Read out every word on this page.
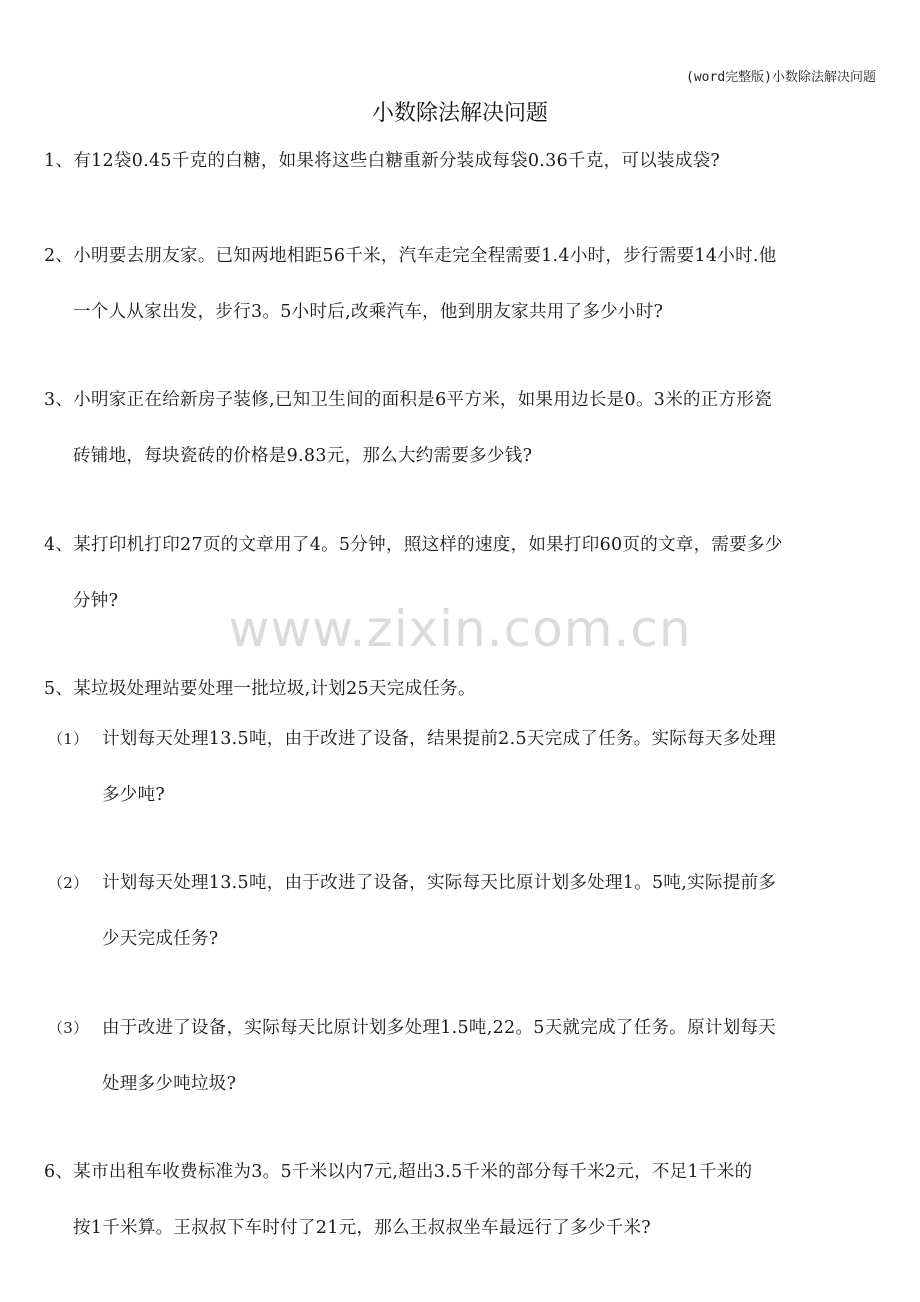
(word完整版)小数除法解决问题
小数除法解决问题
www.zixin.com.cn
1、有12袋0.45千克的白糖，如果将这些白糖重新分装成每袋0.36千克，可以装成袋?
2、小明要去朋友家。已知两地相距56千米，汽车走完全程需要1.4小时，步行需要14小时.他
一个人从家出发，步行3。5小时后,改乘汽车，他到朋友家共用了多少小时?
3、小明家正在给新房子装修,已知卫生间的面积是6平方米，如果用边长是0。3米的正方形瓷
砖铺地，每块瓷砖的价格是9.83元，那么大约需要多少钱?
4、某打印机打印27页的文章用了4。5分钟，照这样的速度，如果打印60页的文章，需要多少
分钟?
5、某垃圾处理站要处理一批垃圾,计划25天完成任务。
（1） 计划每天处理13.5吨，由于改进了设备，结果提前2.5天完成了任务。实际每天多处理
多少吨?
（2） 计划每天处理13.5吨，由于改进了设备，实际每天比原计划多处理1。5吨,实际提前多
少天完成任务?
（3） 由于改进了设备，实际每天比原计划多处理1.5吨,22。5天就完成了任务。原计划每天
处理多少吨垃圾?
6、某市出租车收费标准为3。5千米以内7元,超出3.5千米的部分每千米2元，不足1千米的
按1千米算。王叔叔下车时付了21元，那么王叔叔坐车最远行了多少千米?
